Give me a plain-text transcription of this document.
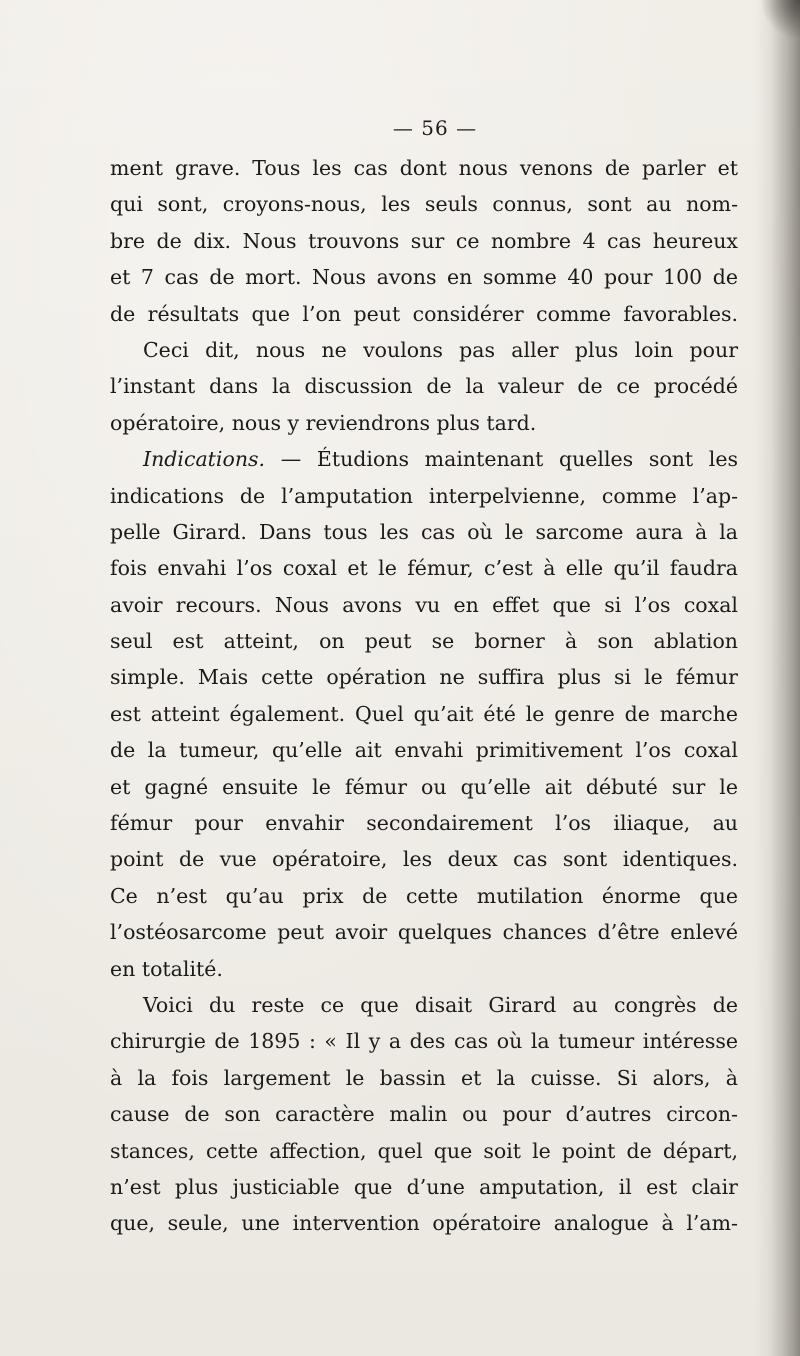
— 56 —
ment grave. Tous les cas dont nous venons de parler et
qui sont, croyons-nous, les seuls connus, sont au nom-
bre de dix. Nous trouvons sur ce nombre 4 cas heureux
et 7 cas de mort. Nous avons en somme 40 pour 100 de
de résultats que l’on peut considérer comme favorables.
Ceci dit, nous ne voulons pas aller plus loin pour
l’instant dans la discussion de la valeur de ce procédé
opératoire, nous y reviendrons plus tard.
Indications. — Étudions maintenant quelles sont les
indications de l’amputation interpelvienne, comme l’ap-
pelle Girard. Dans tous les cas où le sarcome aura à la
fois envahi l’os coxal et le fémur, c’est à elle qu’il faudra
avoir recours. Nous avons vu en effet que si l’os coxal
seul est atteint, on peut se borner à son ablation
simple. Mais cette opération ne suffira plus si le fémur
est atteint également. Quel qu’ait été le genre de marche
de la tumeur, qu’elle ait envahi primitivement l’os coxal
et gagné ensuite le fémur ou qu’elle ait débuté sur le
fémur pour envahir secondairement l’os iliaque, au
point de vue opératoire, les deux cas sont identiques.
Ce n’est qu’au prix de cette mutilation énorme que
l’ostéosarcome peut avoir quelques chances d’être enlevé
en totalité.
Voici du reste ce que disait Girard au congrès de
chirurgie de 1895 : « Il y a des cas où la tumeur intéresse
à la fois largement le bassin et la cuisse. Si alors, à
cause de son caractère malin ou pour d’autres circon-
stances, cette affection, quel que soit le point de départ,
n’est plus justiciable que d’une amputation, il est clair
que, seule, une intervention opératoire analogue à l’am-
